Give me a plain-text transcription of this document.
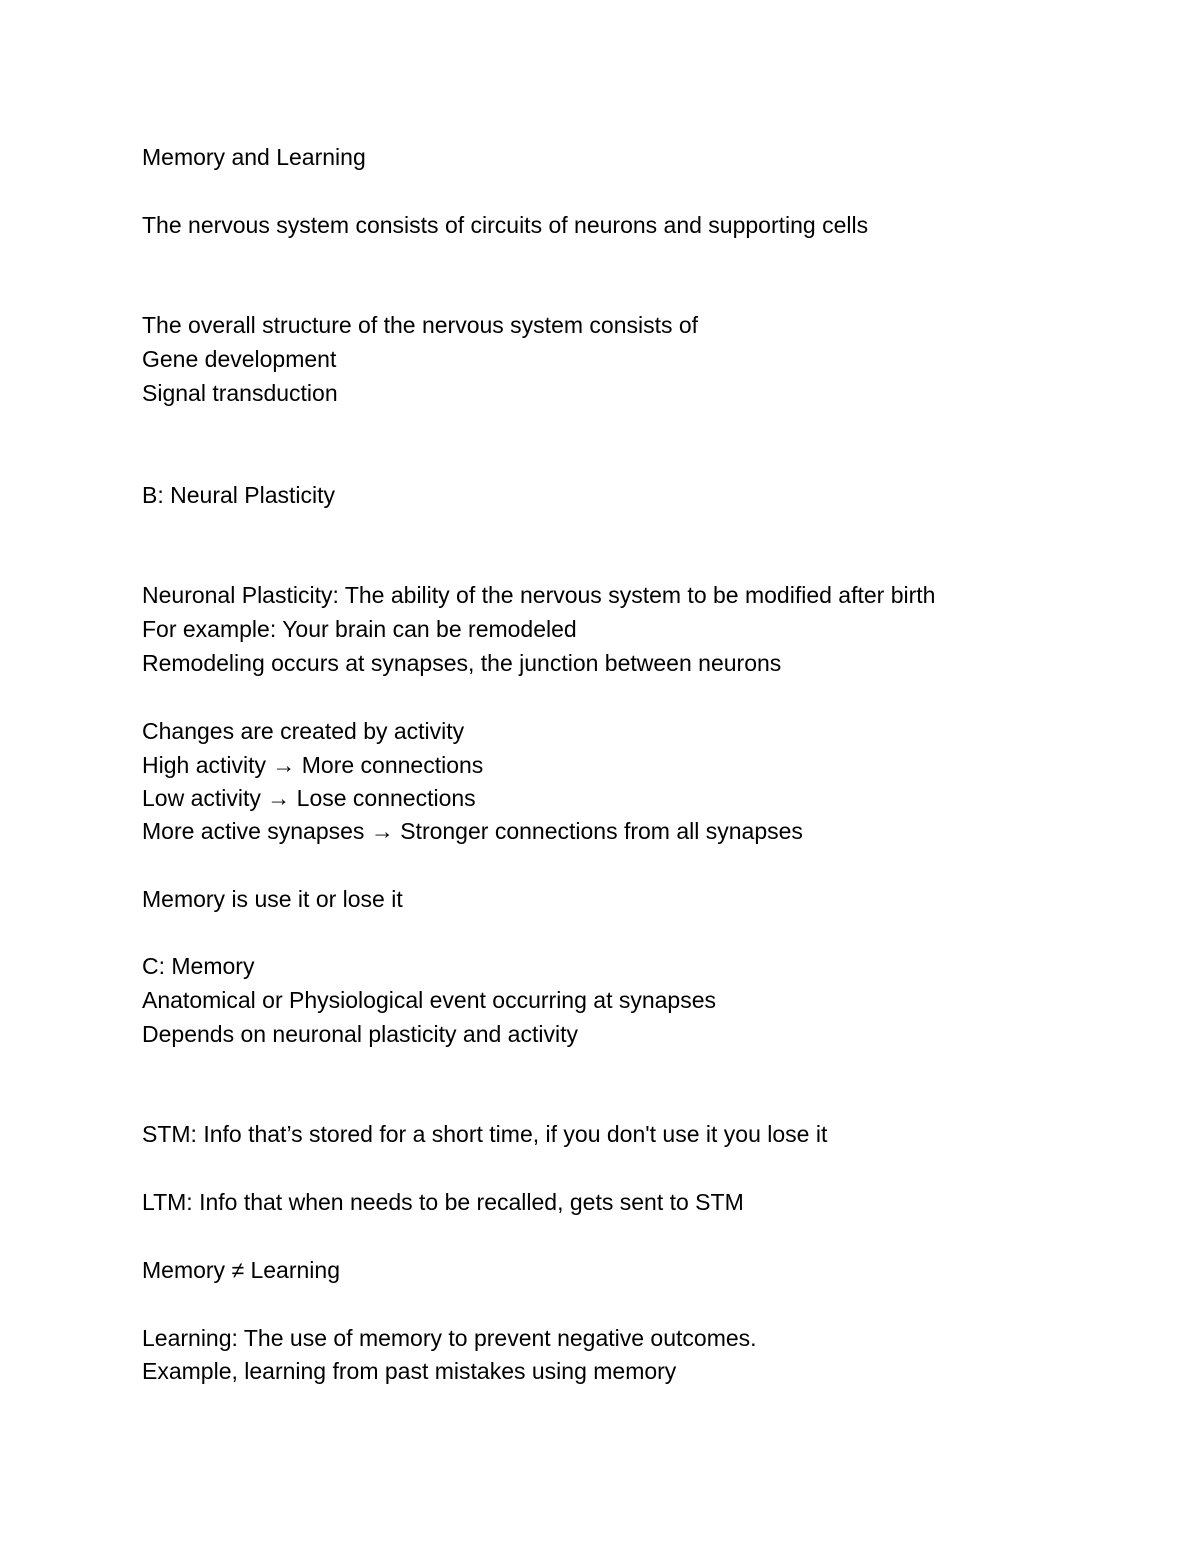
Memory and Learning

The nervous system consists of circuits of neurons and supporting cells

The overall structure of the nervous system consists of

Gene development

Signal transduction

B: Neural Plasticity

Neuronal Plasticity: The ability of the nervous system to be modified after birth

For example: Your brain can be remodeled

Remodeling occurs at synapses, the junction between neurons

Changes are created by activity

High activity → More connections

Low activity → Lose connections

More active synapses → Stronger connections from all synapses

Memory is use it or lose it

C: Memory

Anatomical or Physiological event occurring at synapses

Depends on neuronal plasticity and activity

STM: Info that’s stored for a short time, if you don't use it you lose it

LTM: Info that when needs to be recalled, gets sent to STM

Memory ≠ Learning

Learning: The use of memory to prevent negative outcomes.

Example, learning from past mistakes using memory
